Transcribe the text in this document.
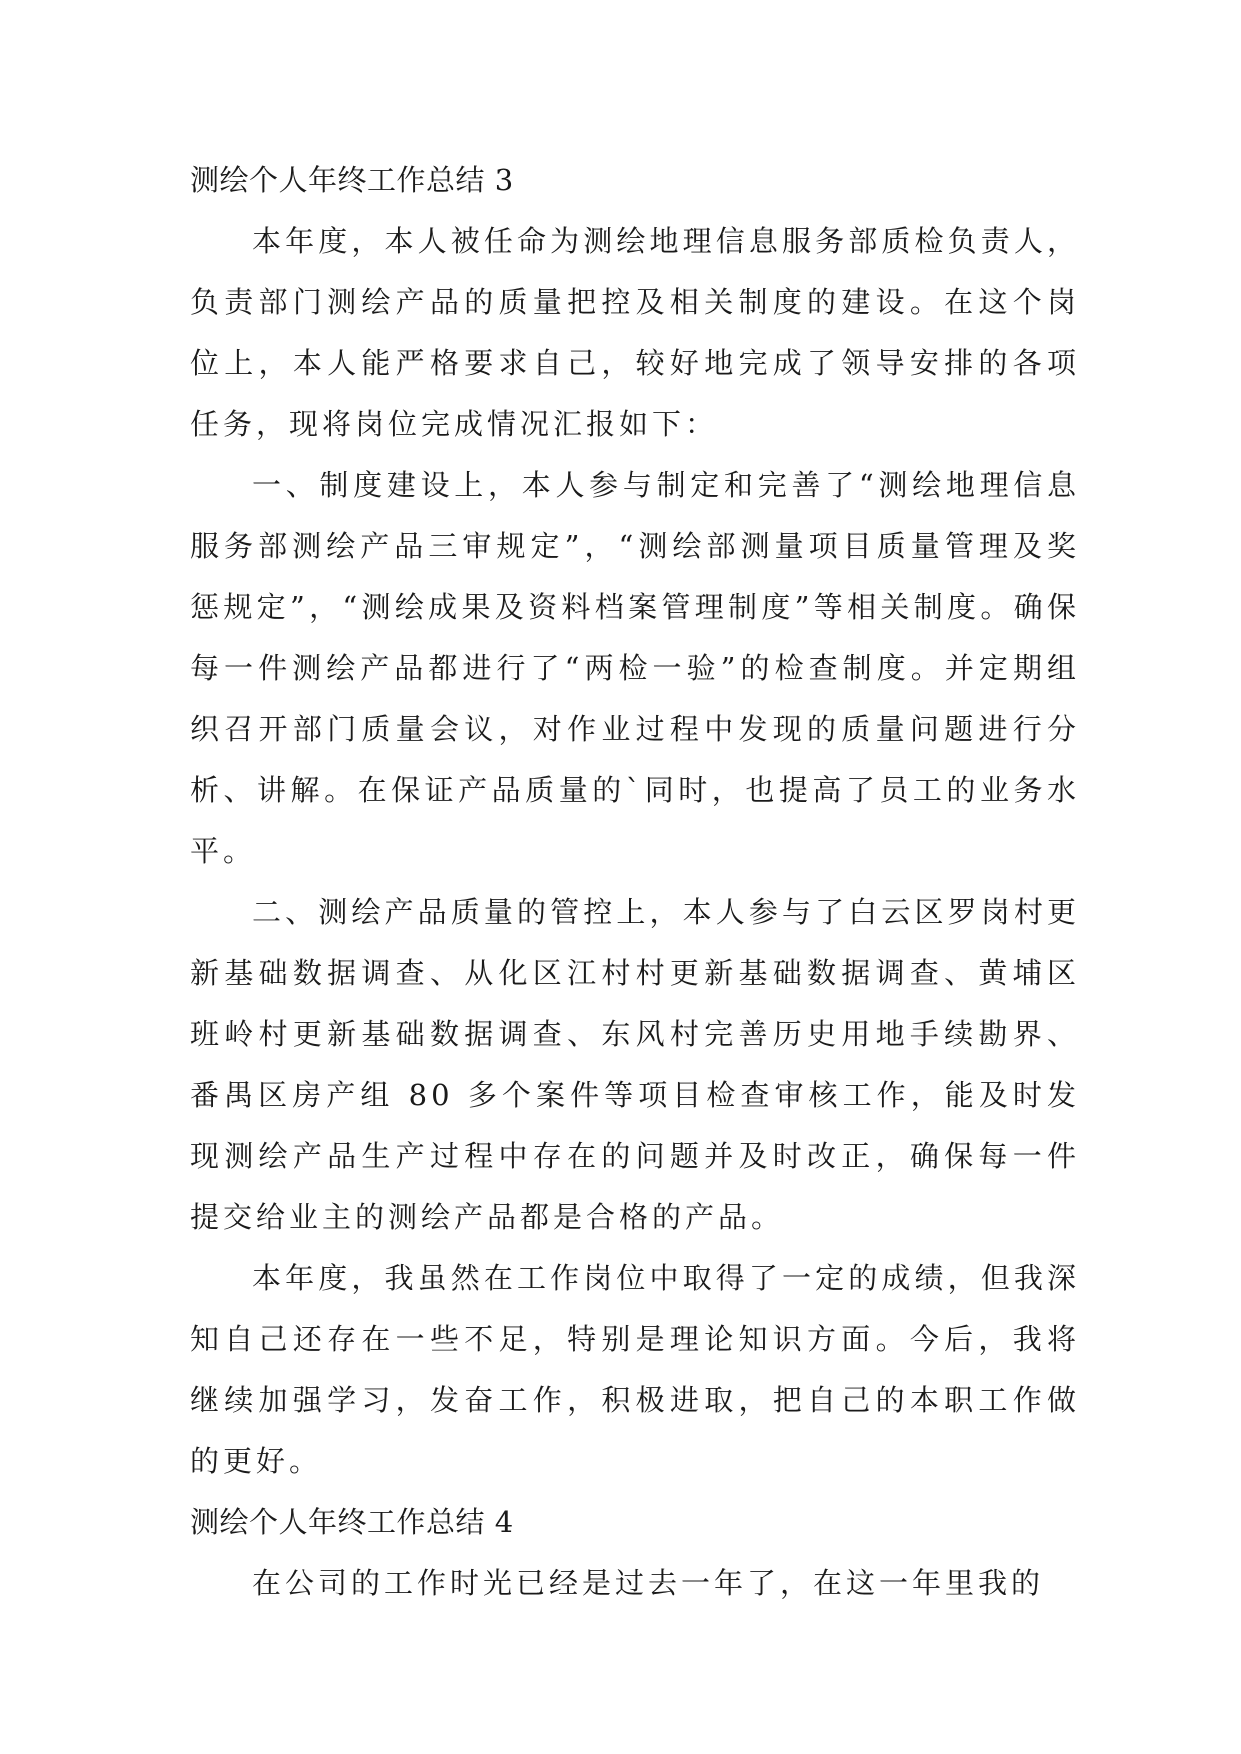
测绘个人年终工作总结 3

本年度，本人被任命为测绘地理信息服务部质检负责人，负责部门测绘产品的质量把控及相关制度的建设。在这个岗位上，本人能严格要求自己，较好地完成了领导安排的各项任务，现将岗位完成情况汇报如下：

一、制度建设上，本人参与制定和完善了“测绘地理信息服务部测绘产品三审规定”，“测绘部测量项目质量管理及奖惩规定”，“测绘成果及资料档案管理制度”等相关制度。确保每一件测绘产品都进行了“两检一验”的检查制度。并定期组织召开部门质量会议，对作业过程中发现的质量问题进行分析、讲解。在保证产品质量的`同时，也提高了员工的业务水平。

二、测绘产品质量的管控上，本人参与了白云区罗岗村更新基础数据调查、从化区江村村更新基础数据调查、黄埔区班岭村更新基础数据调查、东风村完善历史用地手续勘界、番禺区房产组 80 多个案件等项目检查审核工作，能及时发现测绘产品生产过程中存在的问题并及时改正，确保每一件提交给业主的测绘产品都是合格的产品。

本年度，我虽然在工作岗位中取得了一定的成绩，但我深知自己还存在一些不足，特别是理论知识方面。今后，我将继续加强学习，发奋工作，积极进取，把自己的本职工作做的更好。

测绘个人年终工作总结 4

在公司的工作时光已经是过去一年了，在这一年里我的
